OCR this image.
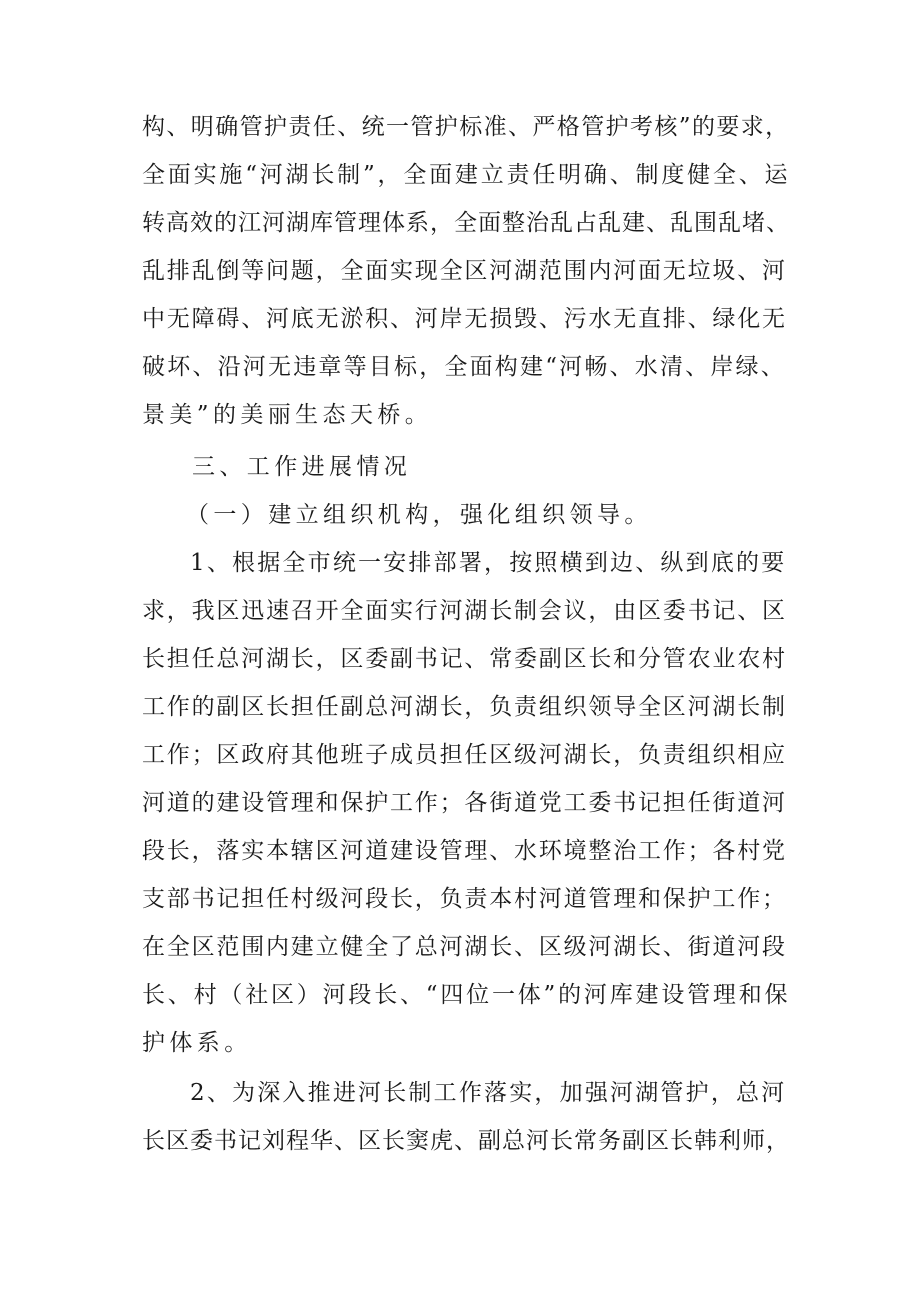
构、明确管护责任、统一管护标准、严格管护考核”的要求，
全面实施“河湖长制”，全面建立责任明确、制度健全、运
转高效的江河湖库管理体系，全面整治乱占乱建、乱围乱堵、
乱排乱倒等问题，全面实现全区河湖范围内河面无垃圾、河
中无障碍、河底无淤积、河岸无损毁、污水无直排、绿化无
破坏、沿河无违章等目标，全面构建“河畅、水清、岸绿、
景美”的美丽生态天桥。
三、工作进展情况
（一）建立组织机构，强化组织领导。
1、根据全市统一安排部署，按照横到边、纵到底的要
求，我区迅速召开全面实行河湖长制会议，由区委书记、区
长担任总河湖长，区委副书记、常委副区长和分管农业农村
工作的副区长担任副总河湖长，负责组织领导全区河湖长制
工作；区政府其他班子成员担任区级河湖长，负责组织相应
河道的建设管理和保护工作；各街道党工委书记担任街道河
段长，落实本辖区河道建设管理、水环境整治工作；各村党
支部书记担任村级河段长，负责本村河道管理和保护工作；
在全区范围内建立健全了总河湖长、区级河湖长、街道河段
长、村（社区）河段长、“四位一体”的河库建设管理和保
护体系。
2、为深入推进河长制工作落实，加强河湖管护，总河
长区委书记刘程华、区长窦虎、副总河长常务副区长韩利师，
